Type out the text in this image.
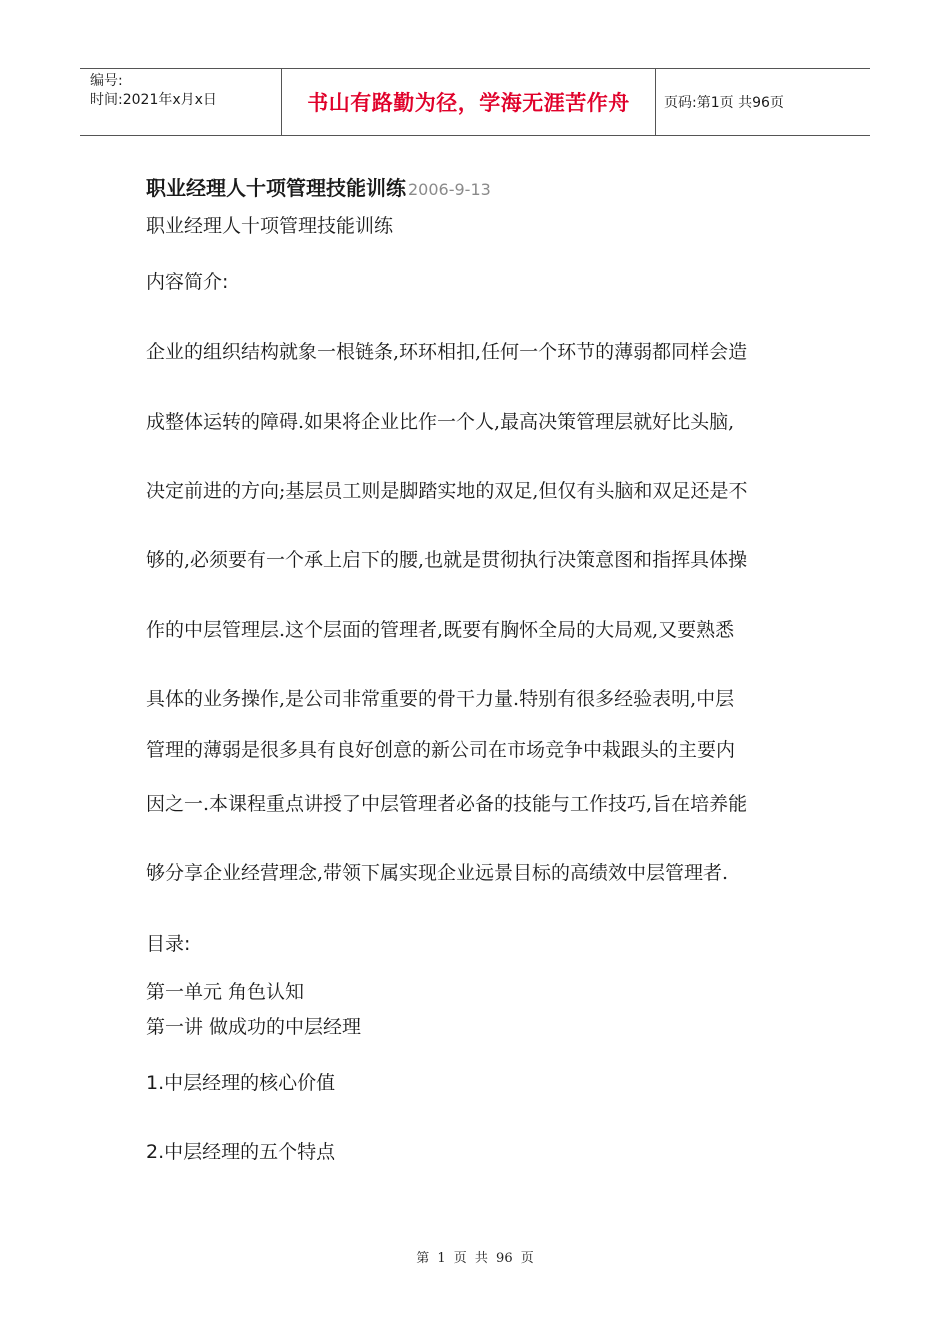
编号:
时间:2021年x月x日	书山有路勤为径，学海无涯苦作舟	页码:第1页 共96页
职业经理人十项管理技能训练 2006-9-13
职业经理人十项管理技能训练
内容简介:
企业的组织结构就象一根链条,环环相扣,任何一个环节的薄弱都同样会造
成整体运转的障碍.如果将企业比作一个人,最高决策管理层就好比头脑,
决定前进的方向;基层员工则是脚踏实地的双足,但仅有头脑和双足还是不
够的,必须要有一个承上启下的腰,也就是贯彻执行决策意图和指挥具体操
作的中层管理层.这个层面的管理者,既要有胸怀全局的大局观,又要熟悉
具体的业务操作,是公司非常重要的骨干力量.特别有很多经验表明,中层
管理的薄弱是很多具有良好创意的新公司在市场竞争中栽跟头的主要内
因之一.本课程重点讲授了中层管理者必备的技能与工作技巧,旨在培养能
够分享企业经营理念,带领下属实现企业远景目标的高绩效中层管理者.
目录:
第一单元 角色认知
第一讲 做成功的中层经理
1.中层经理的核心价值
2.中层经理的五个特点
第 1 页 共 96 页
